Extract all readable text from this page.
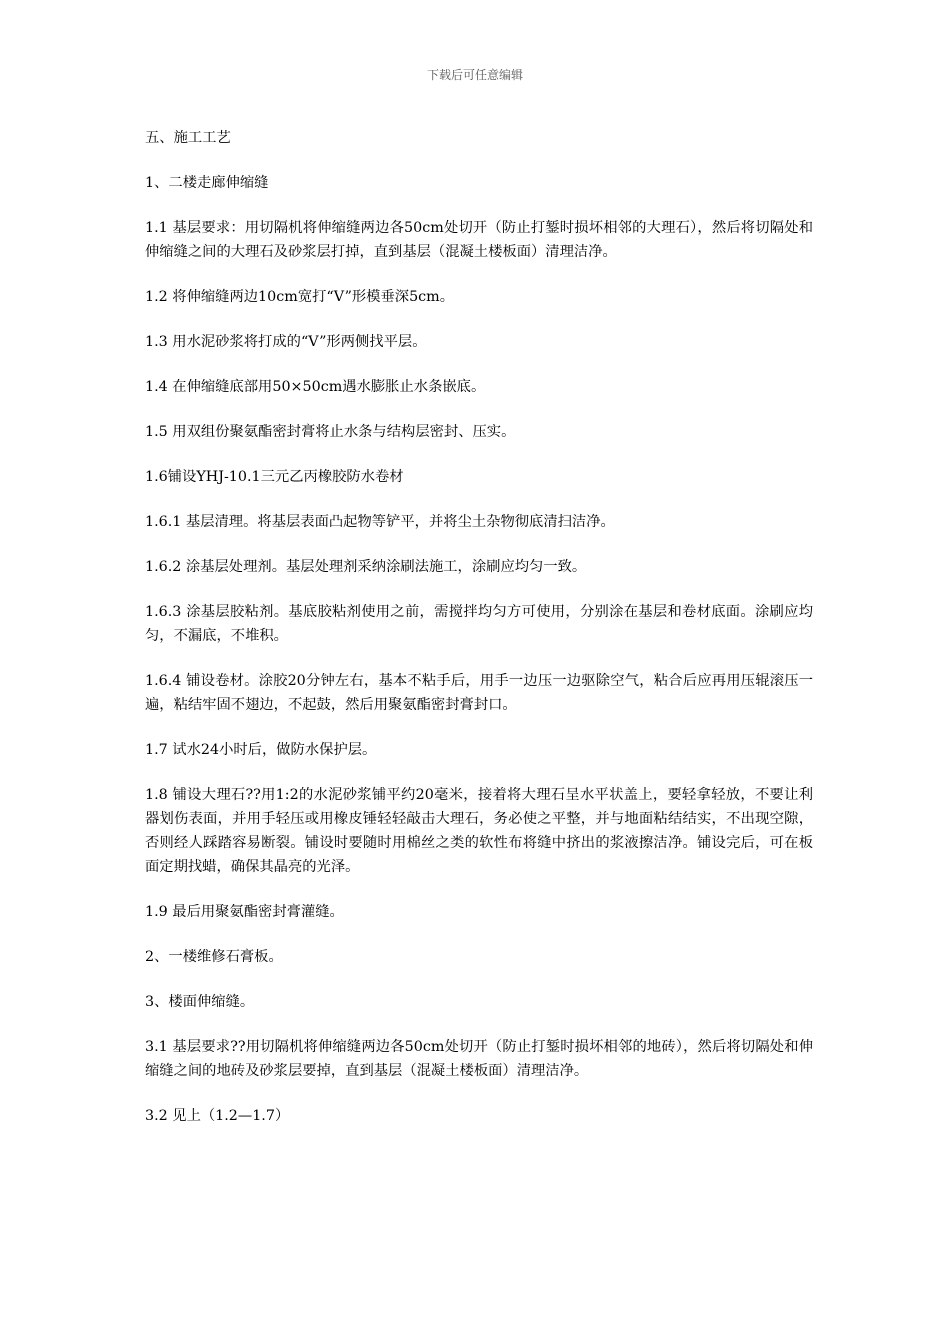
下载后可任意编辑

五、施工工艺

1、二楼走廊伸缩缝

1.1 基层要求：用切隔机将伸缩缝两边各50cm处切开（防止打錾时损坏相邻的大理石），然后将切隔处和伸缩缝之间的大理石及砂浆层打掉，直到基层（混凝土楼板面）清理洁净。

1.2 将伸缩缝两边10cm宽打“V”形模垂深5cm。

1.3 用水泥砂浆将打成的“V”形两侧找平层。

1.4 在伸缩缝底部用50×50cm遇水膨胀止水条嵌底。

1.5 用双组份聚氨酯密封膏将止水条与结构层密封、压实。

1.6铺设YHJ-10.1三元乙丙橡胶防水卷材

1.6.1 基层清理。将基层表面凸起物等铲平，并将尘土杂物彻底清扫洁净。

1.6.2 涂基层处理剂。基层处理剂采纳涂刷法施工，涂刷应均匀一致。

1.6.3 涂基层胶粘剂。基底胶粘剂使用之前，需搅拌均匀方可使用，分别涂在基层和卷材底面。涂刷应均匀，不漏底，不堆积。

1.6.4 铺设卷材。涂胶20分钟左右，基本不粘手后，用手一边压一边驱除空气，粘合后应再用压辊滚压一遍，粘结牢固不翅边，不起鼓，然后用聚氨酯密封膏封口。

1.7 试水24小时后，做防水保护层。

1.8 铺设大理石??用1:2的水泥砂浆铺平约20毫米，接着将大理石呈水平状盖上，要轻拿轻放，不要让利器划伤表面，并用手轻压或用橡皮锤轻轻敲击大理石，务必使之平整，并与地面粘结结实，不出现空隙，否则经人踩踏容易断裂。铺设时要随时用棉丝之类的软性布将缝中挤出的浆液擦洁净。铺设完后，可在板面定期找蜡，确保其晶亮的光泽。

1.9 最后用聚氨酯密封膏灌缝。

2、一楼维修石膏板。

3、楼面伸缩缝。

3.1 基层要求??用切隔机将伸缩缝两边各50cm处切开（防止打錾时损坏相邻的地砖），然后将切隔处和伸缩缝之间的地砖及砂浆层要掉，直到基层（混凝土楼板面）清理洁净。

3.2 见上（1.2—1.7）
